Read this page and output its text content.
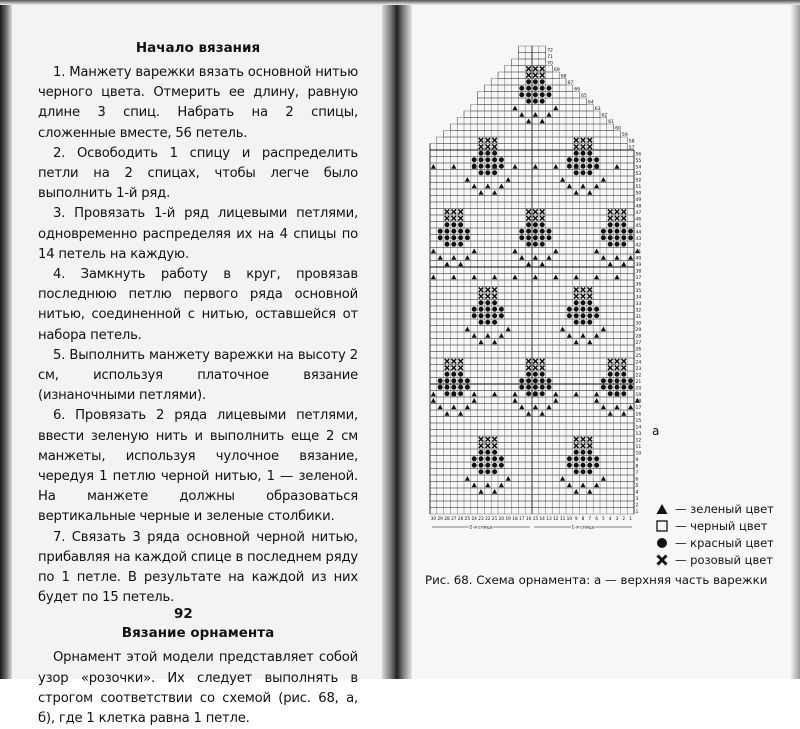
Начало вязания

1. Манжету варежки вязать основной нитью черного цвета. Отмерить ее длину, равную длине 3 спиц. Набрать на 2 спицы, сложенные вместе, 56 петель.

2. Освободить 1 спицу и распределить петли на 2 спицах, чтобы легче было выполнить 1-й ряд.

3. Провязать 1-й ряд лицевыми петлями, одновременно распределяя их на 4 спицы по 14 петель на каждую.

4. Замкнуть работу в круг, провязав последнюю петлю первого ряда основной нитью, соединенной с нитью, оставшейся от набора петель.

5. Выполнить манжету варежки на высоту 2 см, используя платочное вязание (изнаночными петлями).

6. Провязать 2 ряда лицевыми петлями, ввести зеленую нить и выполнить еще 2 см манжеты, используя чулочное вязание, чередуя 1 петлю черной нитью, 1 — зеленой. На манжете должны образоваться вертикальные черные и зеленые столбики.

7. Связать 3 ряда основной черной нитью, прибавляя на каждой спице в последнем ряду по 1 петле. В результате на каждой из них будет по 15 петель.

Вязание орнамента

Орнамент этой модели представляет собой узор «розочки». Их следует выполнять в строгом соответствии со схемой (рис. 68, а, б), где 1 клетка равна 1 петле.

92
72
71
70
69
68
67
66
65
64
63
62
61
60
59
58
57
56
55
54
53
52
51
50
49
48
47
46
45
44
43
42
41
40
39
38
37
36
35
34
33
32
31
30
29
28
27
26
25
24
23
22
21
20
19
18
17
16
15
14
13
12
11
10
9
8
7
6
5
4
3
2
1
30 29 28 27 26 25 24 23 22 21 20 19 18 17 16 15 14 13 12 11 10 9 8 7 6 5 4 3 2 1
2-я спица	1-я спица
а
— зеленый цвет
— черный цвет
— красный цвет
— розовый цвет
Рис. 68. Схема орнамента: а — верхняя часть варежки
